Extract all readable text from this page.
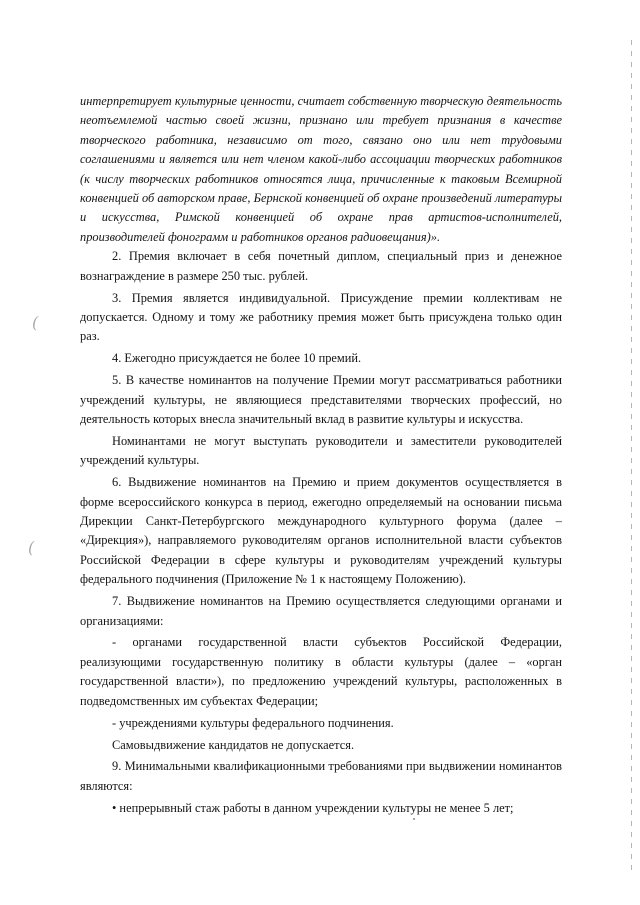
(
(

интерпретирует культурные ценности, считает собственную творческую деятельность неотъемлемой частью своей жизни, признано или требует признания в качестве творческого работника, независимо от того, связано оно или нет трудовыми соглашениями и является или нет членом какой-либо ассоциации творческих работников (к числу творческих работников относятся лица, причисленные к таковым Всемирной конвенцией об авторском праве, Бернской конвенцией об охране произведений литературы и искусства, Римской конвенцией об охране прав артистов-исполнителей, производителей фонограмм и работников органов радиовещания)».

2. Премия включает в себя почетный диплом, специальный приз и денежное вознаграждение в размере 250 тыс. рублей.

3. Премия является индивидуальной. Присуждение премии коллективам не допускается. Одному и тому же работнику премия может быть присуждена только один раз.

4. Ежегодно присуждается не более 10 премий.

5. В качестве номинантов на получение Премии могут рассматриваться работники учреждений культуры, не являющиеся представителями творческих профессий, но деятельность которых внесла значительный вклад в развитие культуры и искусства.

Номинантами не могут выступать руководители и заместители руководителей учреждений культуры.

6. Выдвижение номинантов на Премию и прием документов осуществляется в форме всероссийского конкурса в период, ежегодно определяемый на основании письма Дирекции Санкт-Петербургского международного культурного форума (далее – «Дирекция»), направляемого руководителям органов исполнительной власти субъектов Российской Федерации в сфере культуры и руководителям учреждений культуры федерального подчинения (Приложение № 1 к настоящему Положению).

7. Выдвижение номинантов на Премию осуществляется следующими органами и организациями:

- органами государственной власти субъектов Российской Федерации, реализующими государственную политику в области культуры (далее – «орган государственной власти»), по предложению учреждений культуры, расположенных в подведомственных им субъектах Федерации;

- учреждениями культуры федерального подчинения.

Самовыдвижение кандидатов не допускается.

9. Минимальными квалификационными требованиями при выдвижении номинантов являются:

• непрерывный стаж работы в данном учреждении культуры не менее 5 лет;
